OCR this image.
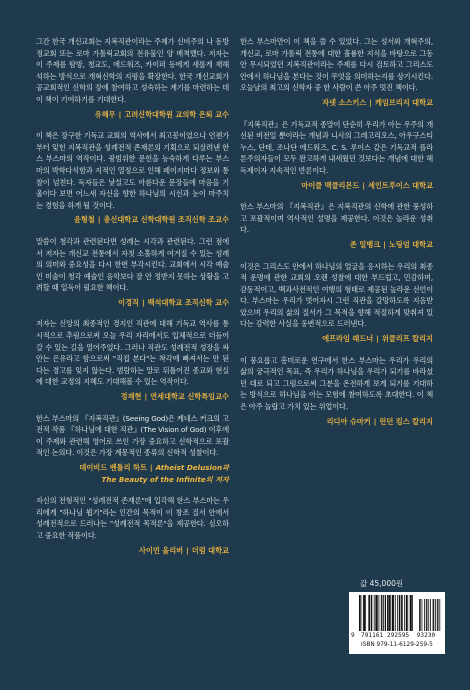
그간 한국 개신교회는 지복직관이라는 주제가 신비주의 나 동방 정교회 또는 로마 가톨릭교회의 전유물인 양 배척했다. 저자는 이 주제를 탐방, 청교도, 에드워즈, 카이퍼 등에게 새롭게 재해석하는 방식으로 개혁신학의 지평을 확장한다. 한국 개신교회가 공교회적인 신학의 장에 참여하고 성숙하는 계기를 마련하는 데 이 책이 기여하기를 기대한다.

유해무 | 고려신학대학원 교의학 은퇴 교수

이 책은 장구한 기독교 교회의 역사에서 최고봉이었으나 언젠가부터 잊힌 지복직관을 성례전적 존재론의 기획으로 되살려낸 한스 부스마의 역작이다. 광범위한 문헌을 능숙하게 다루는 부스마의 박학다식함과 지적인 열정으로 인해 페이지마다 정보와 통찰이 넘친다. 독자들은 낯설고도 아름다운 문장들에 마음을 기울이다 보면 어느새 자신을 향한 하나님의 시선과 눈이 마주치는 경험을 하게 될 것이다.

윤형철 | 총신대학교 신학대학원 조직신학 조교수

말씀이 청각과 관련된다면 성례는 시각과 관련된다. 그런 점에서 저자는 개신교 전통에서 자칫 소홀하게 여겨질 수 있는 성례의 의미와 중요성을 다시 한번 부각시킨다. 교회에서 시각 예술인 미술이 청각 예술인 음악보다 잘 안 정받지 못하는 상황을 고려할 때 일독이 필요한 책이다.

이경직 | 백석대학교 조직신학 교수

저자는 신앙의 최종적인 경지인 직관에 대해 기독교 역사를 통시적으로 추림으로써 오늘 우리 자리에서도 입체적으로 더듬어 갈 수 있는 길을 열어주었다. 그러나 직관도 성례전적 성장을 싸안는 은유라고 함으로써 "직접 본다"는 착각에 빠져서는 안 된다는 경고를 잊지 않는다. 범람하는 말로 뒤틀어진 종교와 현실에 대한 교정의 지혜도 기대해볼 수 있는 역작이다.

정재현 | 연세대학교 신학특임교수

한스 부스마의 『지복직관』(Seeing God)은 케네스 커크의 고전적 작품 『하나님에 대한 직관』(The Vision of God) 이후에 이 주제와 관련해 영어로 쓰인 가장 중요하고 신학적으로 포괄적인 논의다. 이것은 가장 계몽적인 종류의 신학적 성찰이다.

데이비드 벤틀리 하트 | Atheist Delusion과
The Beauty of the Infinite의 저자

자신의 전형적인 "성례전적 존재론"에 입각해 한스 부스마는 우리에게 "하나님 뵙기"라는 인간의 목적이 이 창조 질서 안에서 성례전적으로 드러나는 "성례전적 목적론"을 제공한다. 심오하고 중요한 작품이다.

사이먼 올리버 | 더럼 대학교

한스 부스마만이 이 책을 쓸 수 있었다. 그는 성서와 개혁주의, 개신교, 로마 가톨릭 전통에 대한 훌륭한 지식을 바탕으로 그동안 무시되었던 지복직관이라는 주제를 다시 검토하고 그리스도 안에서 하나님을 본다는 것이 무엇을 의미하는지를 상기시킨다. 오늘날의 최고의 신학자 중 한 사람이 쓴 아주 멋진 책이다.

자넷 소스키스 | 케임브리지 대학교

『지복직관』은 기독교적 종말이 단순히 우리가 아는 우주의 개선된 버전일 뿐이라는 개념과 니사의 그레고리오스, 아우구스티누스, 단테, 조나단 에드워즈, C. S. 루이스 같은 기독교적 플라톤주의자들이 모두 완고하게 내세웠던 것보다는 개념에 대한 해독제이자 지속적인 반론이다.

마이클 맥클리몬드 | 세인트루이스 대학교

한스 부스마의 『지복직관』은 지복직관의 신학에 관한 풍성하고 포괄적이며 역사적인 설명을 제공한다. 이것은 놀라운 성취다.

존 밀뱅크 | 노팅엄 대학교

이것은 그리스도 안에서 하나님의 얼굴을 응시하는 우리의 최종적 운명에 관한 교회의 오랜 성찰에 대한 부드럽고, 민감하며, 감동적이고, 백과사전적인 여행의 형태로 제공된 놀라운 선언이다. 부스마는 우리가 벗어자시 그런 직관을 갈망하도록 지음받았으며 우리의 삶의 질서가 그 목적을 향해 적절하게 맞춰져 있다는 강력한 사실을 웅변적으로 드러낸다.

에프라임 래드너 | 위클리프 칼리지

이 풍요롭고 흥미로운 연구에서 한스 부스마는 우리가 우리의 삶의 궁극적인 목표, 즉 우리가 하나님을 우리가 되기를 바라셨던 대로 되고 그럼으로써 그분을 온전하게 보게 되기를 기대하는 방식으로 하나님을 아는 모험에 참여하도록 초대한다. 이 책은 아주 놀랍고 가치 있는 위업이다.

리디아 슈마커 | 런던 킹스 칼리지
값 45,000원
9 791161 292595 93230
ISBN 979-11-6129-259-5
